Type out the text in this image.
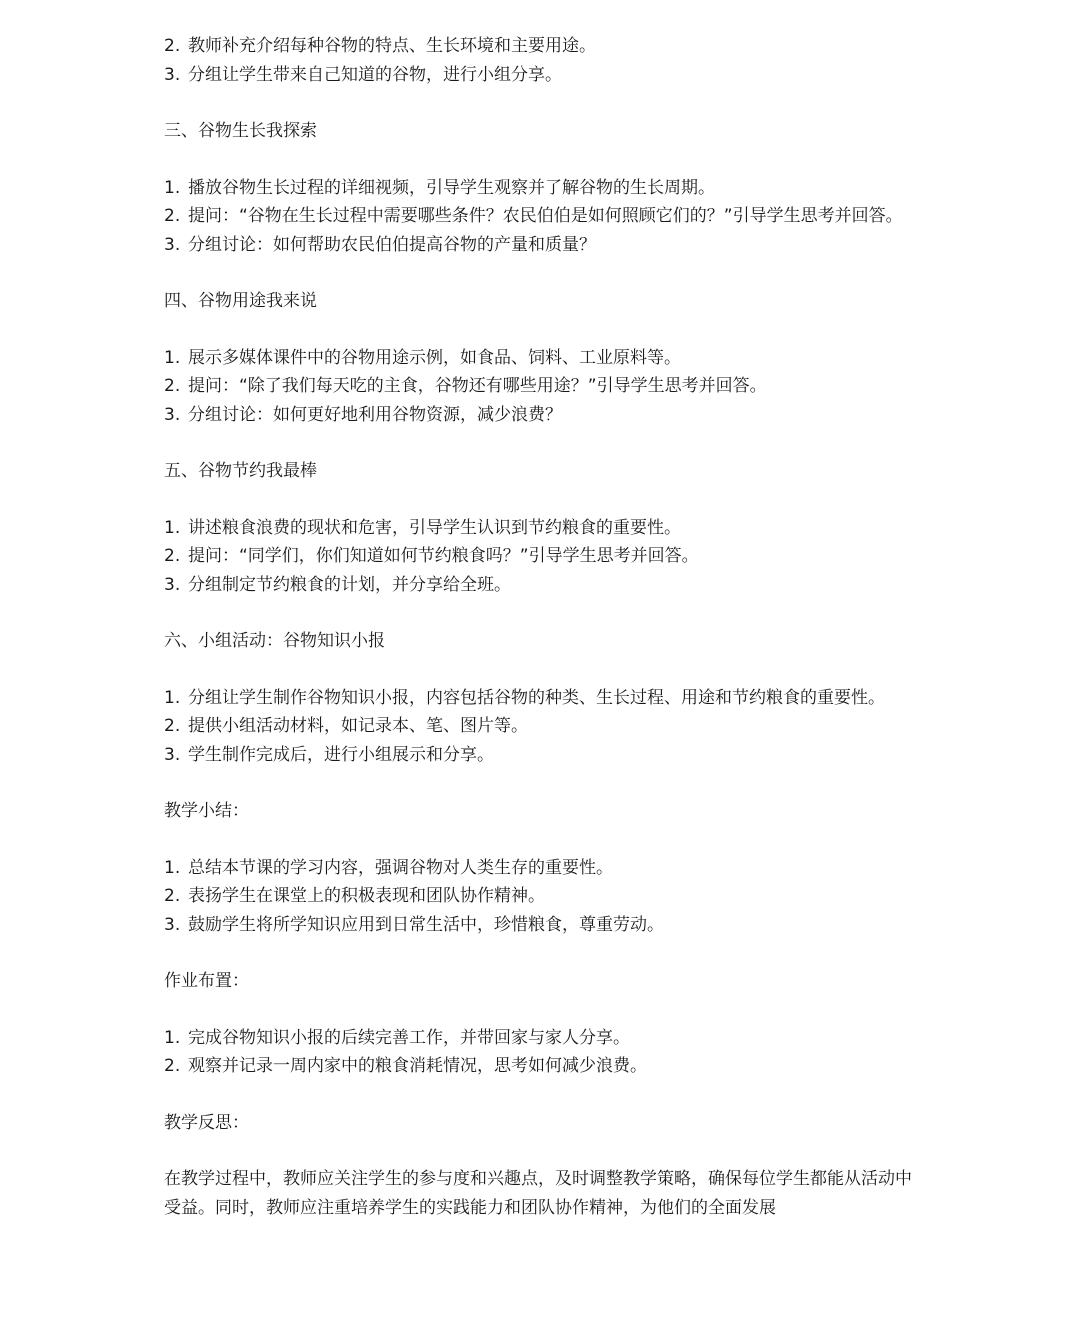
2. 教师补充介绍每种谷物的特点、生长环境和主要用途。
3. 分组让学生带来自己知道的谷物，进行小组分享。

三、谷物生长我探索

1. 播放谷物生长过程的详细视频，引导学生观察并了解谷物的生长周期。
2. 提问：“谷物在生长过程中需要哪些条件？农民伯伯是如何照顾它们的？”引导学生思考并回答。
3. 分组讨论：如何帮助农民伯伯提高谷物的产量和质量？

四、谷物用途我来说

1. 展示多媒体课件中的谷物用途示例，如食品、饲料、工业原料等。
2. 提问：“除了我们每天吃的主食，谷物还有哪些用途？”引导学生思考并回答。
3. 分组讨论：如何更好地利用谷物资源，减少浪费？

五、谷物节约我最棒

1. 讲述粮食浪费的现状和危害，引导学生认识到节约粮食的重要性。
2. 提问：“同学们，你们知道如何节约粮食吗？”引导学生思考并回答。
3. 分组制定节约粮食的计划，并分享给全班。

六、小组活动：谷物知识小报

1. 分组让学生制作谷物知识小报，内容包括谷物的种类、生长过程、用途和节约粮食的重要性。
2. 提供小组活动材料，如记录本、笔、图片等。
3. 学生制作完成后，进行小组展示和分享。

教学小结：

1. 总结本节课的学习内容，强调谷物对人类生存的重要性。
2. 表扬学生在课堂上的积极表现和团队协作精神。
3. 鼓励学生将所学知识应用到日常生活中，珍惜粮食，尊重劳动。

作业布置：

1. 完成谷物知识小报的后续完善工作，并带回家与家人分享。
2. 观察并记录一周内家中的粮食消耗情况，思考如何减少浪费。

教学反思：

在教学过程中，教师应关注学生的参与度和兴趣点，及时调整教学策略，确保每位学生都能从活动中受益。同时，教师应注重培养学生的实践能力和团队协作精神，为他们的全面发展
